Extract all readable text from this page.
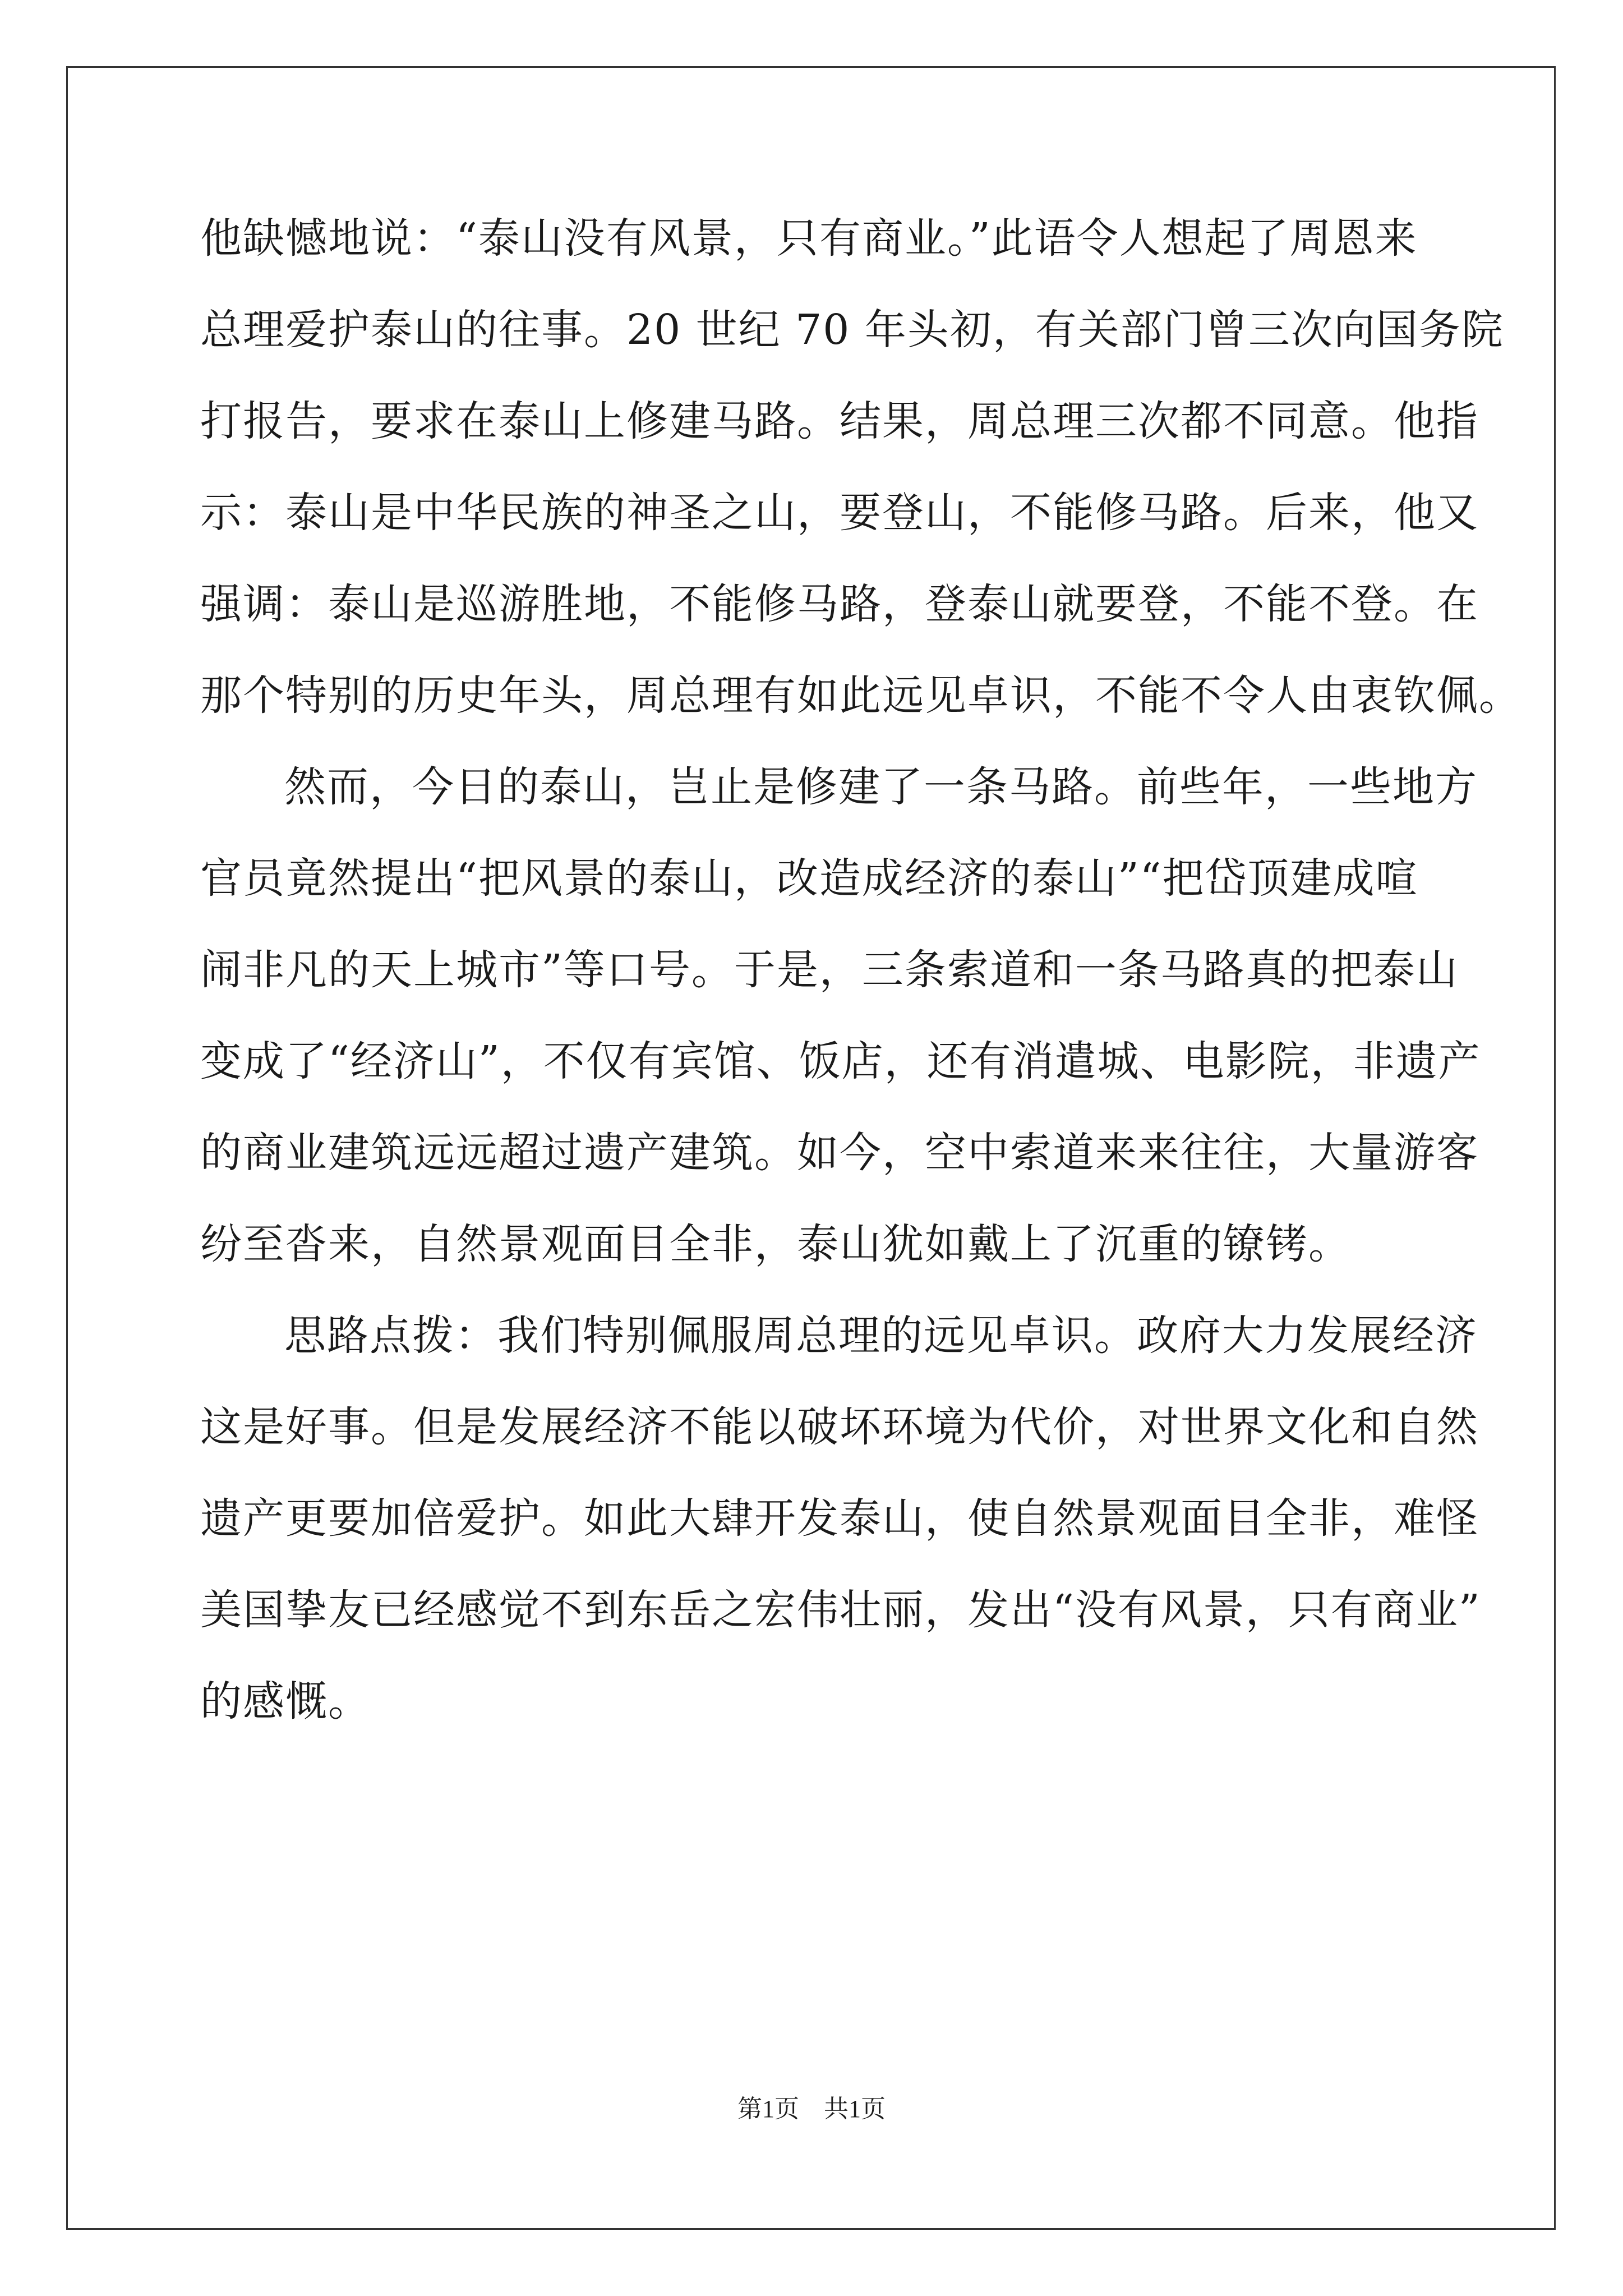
他缺憾地说：“泰山没有风景，只有商业。”此语令人想起了周恩来
总理爱护泰山的往事。20 世纪 70 年头初，有关部门曾三次向国务院
打报告，要求在泰山上修建马路。结果，周总理三次都不同意。他指
示：泰山是中华民族的神圣之山，要登山，不能修马路。后来，他又
强调：泰山是巡游胜地，不能修马路，登泰山就要登，不能不登。在
那个特别的历史年头，周总理有如此远见卓识，不能不令人由衷钦佩。
然而，今日的泰山，岂止是修建了一条马路。前些年，一些地方
官员竟然提出“把风景的泰山，改造成经济的泰山”“把岱顶建成喧
闹非凡的天上城市”等口号。于是，三条索道和一条马路真的把泰山
变成了“经济山”，不仅有宾馆、饭店，还有消遣城、电影院，非遗产
的商业建筑远远超过遗产建筑。如今，空中索道来来往往，大量游客
纷至沓来，自然景观面目全非，泰山犹如戴上了沉重的镣铐。
思路点拨：我们特别佩服周总理的远见卓识。政府大力发展经济
这是好事。但是发展经济不能以破坏环境为代价，对世界文化和自然
遗产更要加倍爱护。如此大肆开发泰山，使自然景观面目全非，难怪
美国挚友已经感觉不到东岳之宏伟壮丽，发出“没有风景，只有商业”
的感慨。
第1页　共1页
